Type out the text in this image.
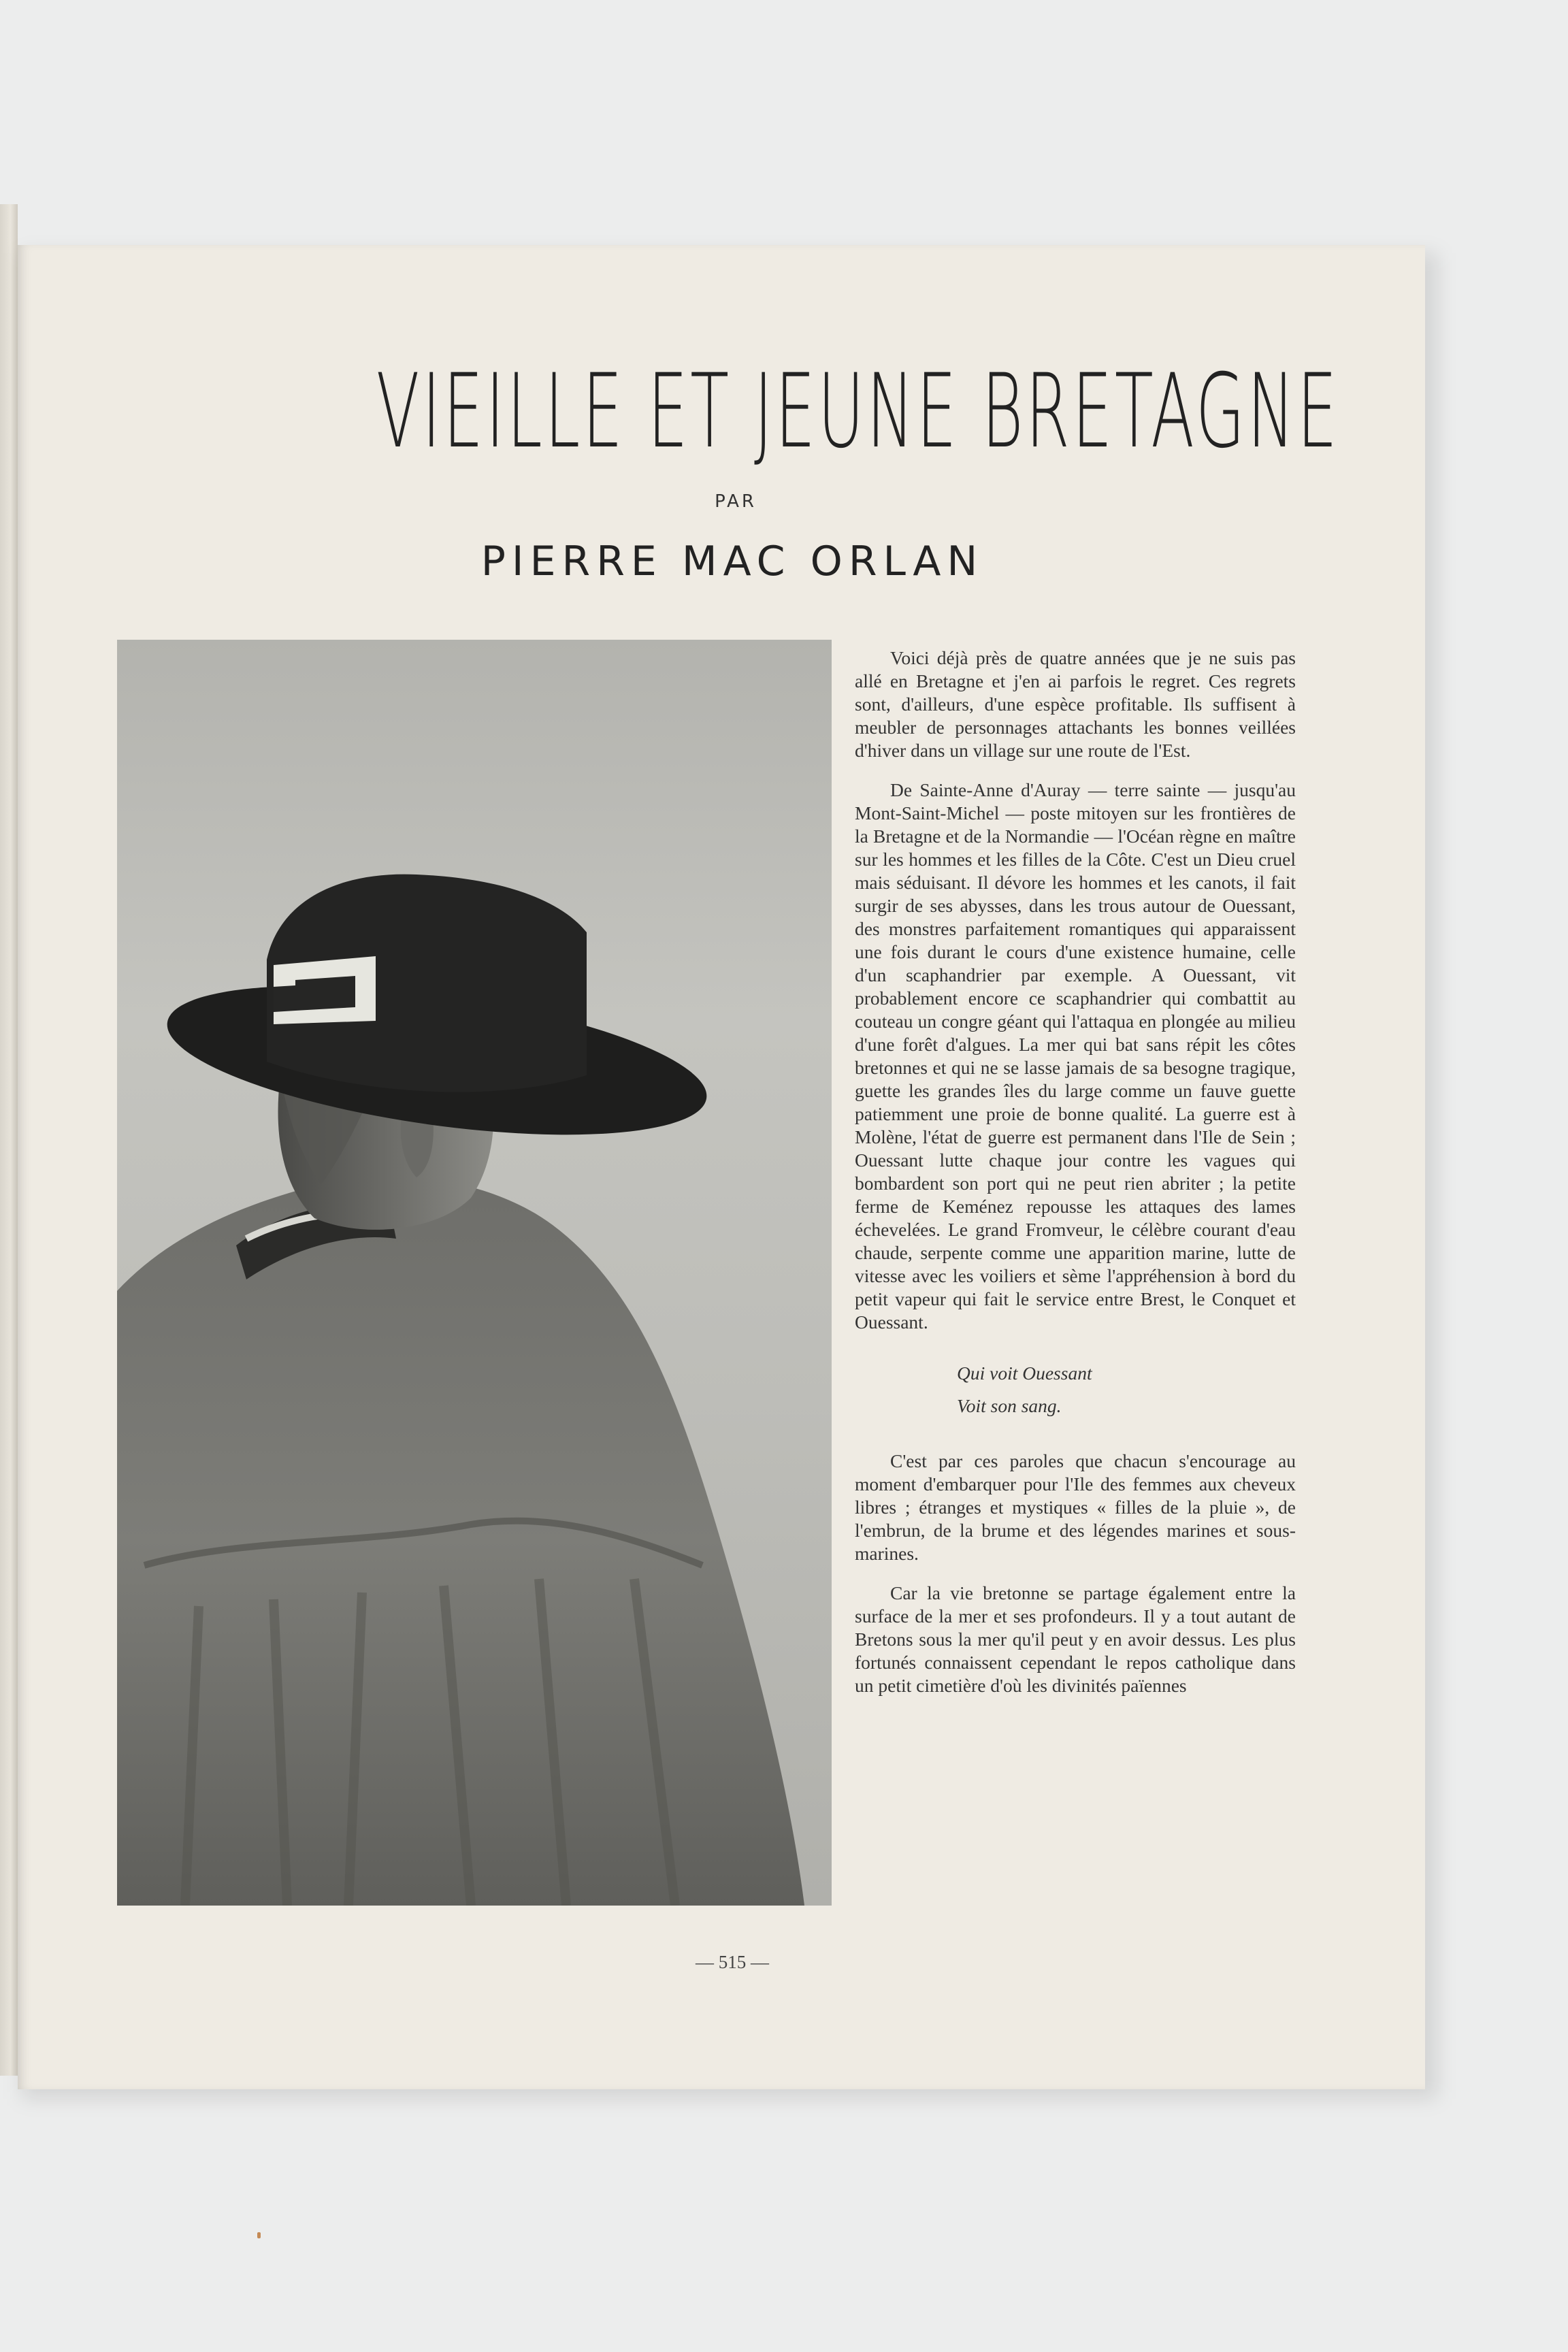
VIEILLE ET JEUNE BRETAGNE
PAR
PIERRE MAC ORLAN

Voici déjà près de quatre années que je ne suis pas allé en Bretagne et j'en ai parfois le regret. Ces regrets sont, d'ailleurs, d'une espèce profitable. Ils suffisent à meubler de personnages attachants les bonnes veillées d'hiver dans un village sur une route de l'Est.

De Sainte-Anne d'Auray — terre sainte — jusqu'au Mont-Saint-Michel — poste mitoyen sur les frontières de la Bretagne et de la Normandie — l'Océan règne en maître sur les hommes et les filles de la Côte. C'est un Dieu cruel mais séduisant. Il dévore les hommes et les canots, il fait surgir de ses abysses, dans les trous autour de Ouessant, des monstres parfaitement romantiques qui apparaissent une fois durant le cours d'une existence humaine, celle d'un scaphandrier par exemple. A Ouessant, vit probablement encore ce scaphandrier qui combattit au couteau un congre géant qui l'attaqua en plongée au milieu d'une forêt d'algues. La mer qui bat sans répit les côtes bretonnes et qui ne se lasse jamais de sa besogne tragique, guette les grandes îles du large comme un fauve guette patiemment une proie de bonne qualité. La guerre est à Molène, l'état de guerre est permanent dans l'Ile de Sein ; Ouessant lutte chaque jour contre les vagues qui bombardent son port qui ne peut rien abriter ; la petite ferme de Keménez repousse les attaques des lames échevelées. Le grand Fromveur, le célèbre courant d'eau chaude, serpente comme une apparition marine, lutte de vitesse avec les voiliers et sème l'appréhension à bord du petit vapeur qui fait le service entre Brest, le Conquet et Ouessant.

Qui voit Ouessant
Voit son sang.

C'est par ces paroles que chacun s'encourage au moment d'embarquer pour l'Ile des femmes aux cheveux libres ; étranges et mystiques « filles de la pluie », de l'embrun, de la brume et des légendes marines et sous-marines.

Car la vie bretonne se partage également entre la surface de la mer et ses profondeurs. Il y a tout autant de Bretons sous la mer qu'il peut y en avoir dessus. Les plus fortunés connaissent cependant le repos catholique dans un petit cimetière d'où les divinités païennes

— 515 —
